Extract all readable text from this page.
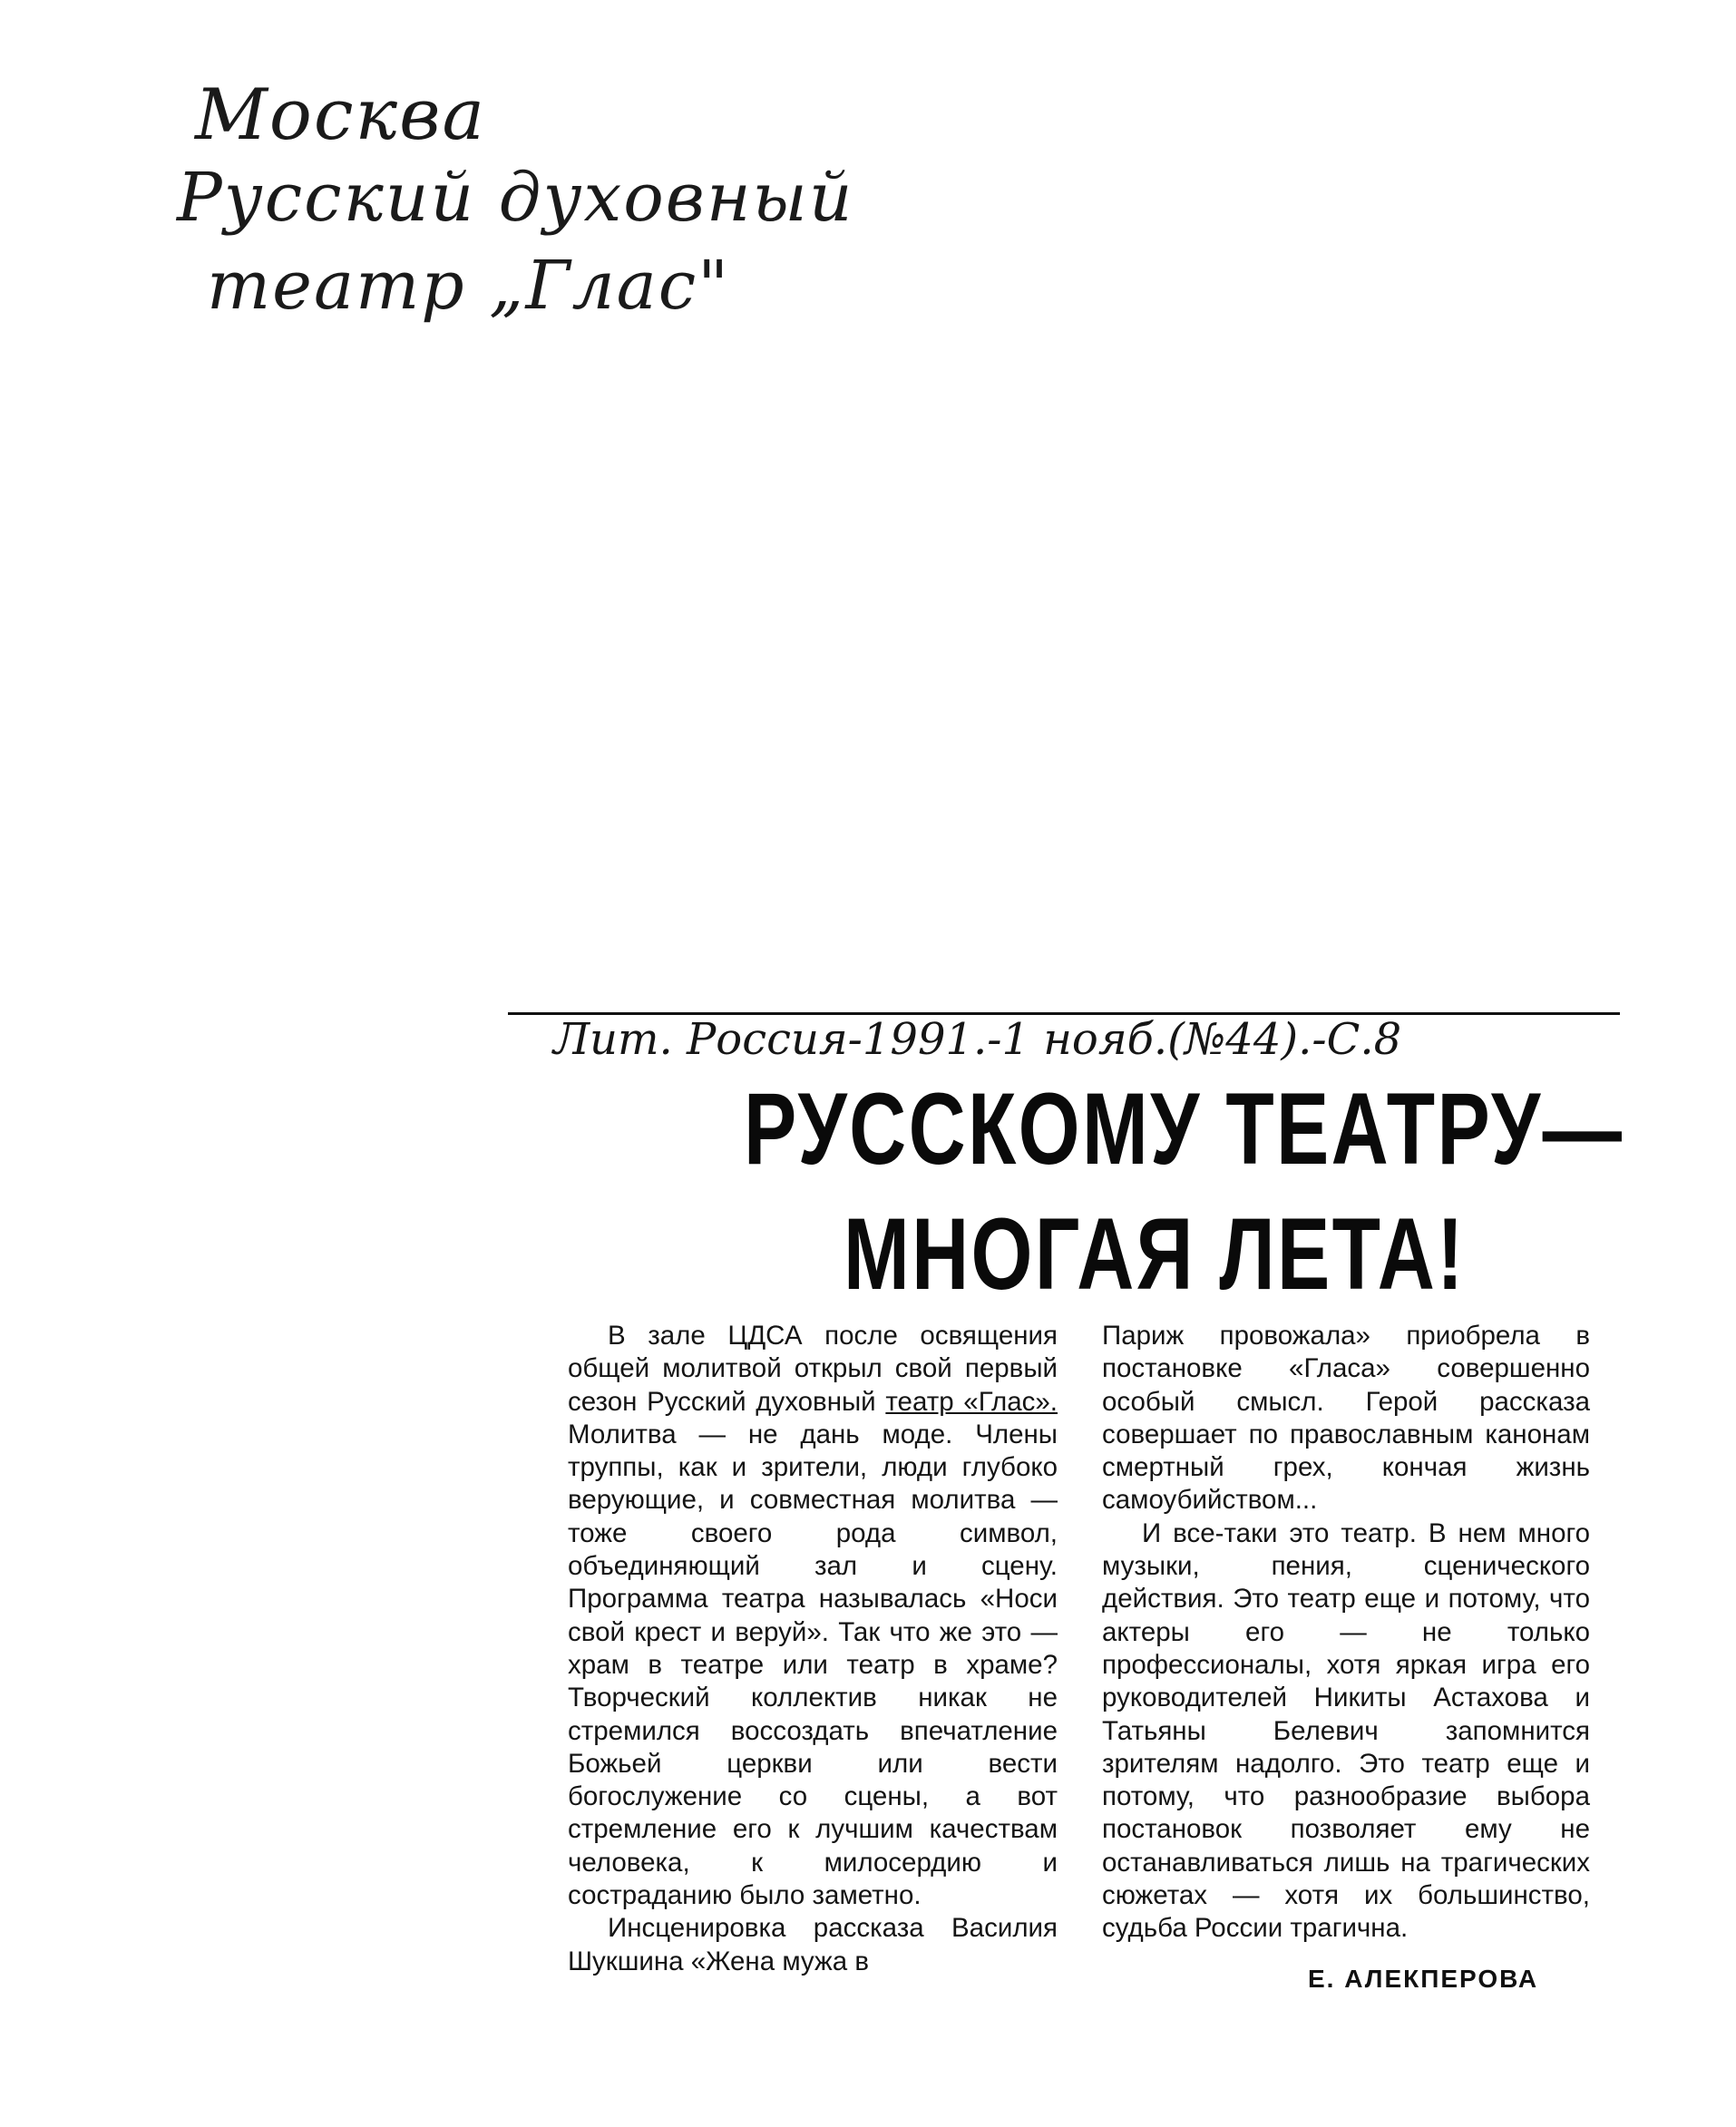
Москва
Русский духовный
театр „Глас"
Лит. Россия-1991.-1 нояб.(№44).-С.8
РУССКОМУ ТЕАТРУ—
МНОГАЯ ЛЕТА!

В зале ЦДСА после освящения общей молитвой открыл свой первый сезон Русский духовный театр «Глас». Молитва — не дань моде. Члены труппы, как и зрители, люди глубоко верующие, и совместная молитва — тоже своего рода символ, объединяющий зал и сцену. Программа театра называлась «Носи свой крест и веруй». Так что же это — храм в театре или театр в храме? Творческий коллектив никак не стремился воссоздать впечатление Божьей церкви или вести богослужение со сцены, а вот стремление его к лучшим качествам человека, к милосердию и состраданию было заметно.

Инсценировка рассказа Василия Шукшина «Жена мужа в

Париж провожала» приобрела в постановке «Гласа» совершенно особый смысл. Герой рассказа совершает по православным канонам смертный грех, кончая жизнь самоубийством...

И все-таки это театр. В нем много музыки, пения, сценического действия. Это театр еще и потому, что актеры его — не только профессионалы, хотя яркая игра его руководителей Никиты Астахова и Татьяны Белевич запомнится зрителям надолго. Это театр еще и потому, что разнообразие выбора постановок позволяет ему не останавливаться лишь на трагических сюжетах — хотя их большинство, судьба России трагична.

Е. АЛЕКПЕРОВА
